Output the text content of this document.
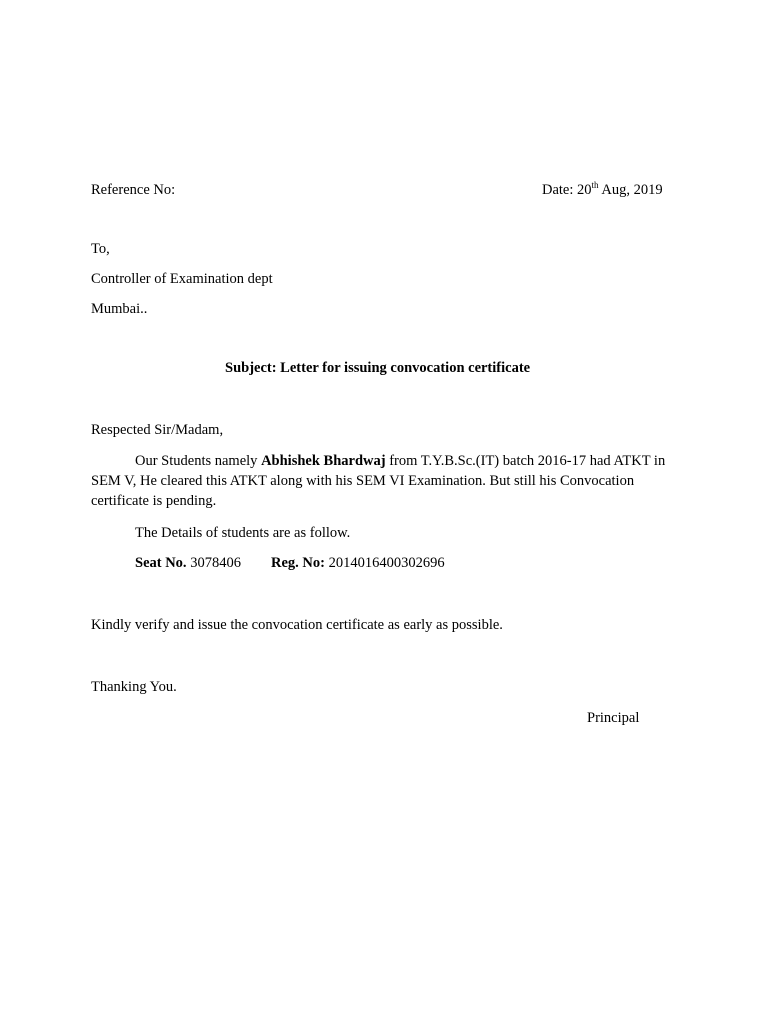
Reference No:	Date: 20th Aug, 2019
To,
Controller of Examination dept
Mumbai..
Subject: Letter for issuing convocation certificate
Respected Sir/Madam,
Our Students namely Abhishek Bhardwaj from T.Y.B.Sc.(IT) batch 2016-17 had ATKT in SEM V, He cleared this ATKT along with his SEM VI Examination. But still his Convocation certificate is pending.
The Details of students are as follow.
Seat No. 3078406 Reg. No: 2014016400302696
Kindly verify and issue the convocation certificate as early as possible.
Thanking You.
Principal
